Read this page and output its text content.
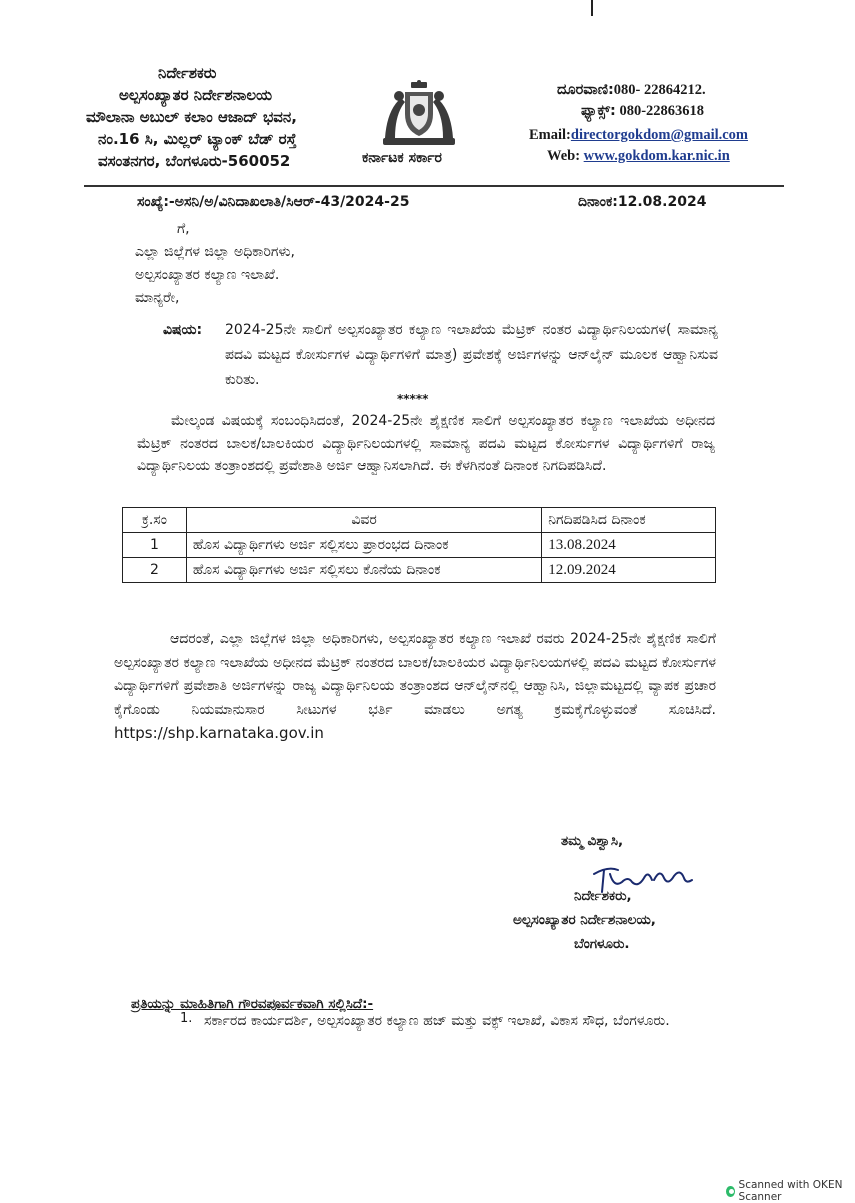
ನಿರ್ದೇಶಕರು
ಅಲ್ಪಸಂಖ್ಯಾತರ ನಿರ್ದೇಶನಾಲಯ
ಮೌಲಾನಾ ಅಬುಲ್ ಕಲಾಂ ಆಜಾದ್ ಭವನ,
ನಂ.16 ಸಿ, ಮಿಲ್ಲರ್ ಟ್ಯಾಂಕ್ ಬೆಡ್ ರಸ್ತೆ
ವಸಂತನಗರ, ಬೆಂಗಳೂರು-560052	ಕರ್ನಾಟಕ ಸರ್ಕಾರ
ದೂರವಾಣಿ:080- 22864212.
ಫ್ಯಾಕ್ಸ್: 080-22863618
Email:directorgokdom@gmail.com
Web: www.gokdom.kar.nic.in
ಸಂಖ್ಯೆ:-ಅಸನಿ/ಅ/ವಿನಿದಾಖಲಾತಿ/ಸಿಆರ್-43/2024-25	ದಿನಾಂಕ:12.08.2024
ಗೆ,
ಎಲ್ಲಾ ಜಿಲ್ಲೆಗಳ ಜಿಲ್ಲಾ ಅಧಿಕಾರಿಗಳು,
ಅಲ್ಪಸಂಖ್ಯಾತರ ಕಲ್ಯಾಣ ಇಲಾಖೆ.
ಮಾನ್ಯರೇ,
ವಿಷಯ:	2024-25ನೇ ಸಾಲಿಗೆ ಅಲ್ಪಸಂಖ್ಯಾತರ ಕಲ್ಯಾಣ ಇಲಾಖೆಯ ಮೆಟ್ರಿಕ್ ನಂತರ ವಿದ್ಯಾರ್ಥಿನಿಲಯಗಳ( ಸಾಮಾನ್ಯ ಪದವಿ ಮಟ್ಟದ ಕೋರ್ಸುಗಳ ವಿದ್ಯಾರ್ಥಿಗಳಿಗೆ ಮಾತ್ರ) ಪ್ರವೇಶಕ್ಕೆ ಅರ್ಜಿಗಳನ್ನು ಆನ್‌ಲೈನ್ ಮೂಲಕ ಆಹ್ವಾನಿಸುವ ಕುರಿತು.
*****
ಮೇಲ್ಕಂಡ ವಿಷಯಕ್ಕೆ ಸಂಬಂಧಿಸಿದಂತೆ, 2024-25ನೇ ಶೈಕ್ಷಣಿಕ ಸಾಲಿಗೆ ಅಲ್ಪಸಂಖ್ಯಾತರ ಕಲ್ಯಾಣ ಇಲಾಖೆಯ ಅಧೀನದ ಮೆಟ್ರಿಕ್ ನಂತರದ ಬಾಲಕ/ಬಾಲಕಿಯರ ವಿದ್ಯಾರ್ಥಿನಿಲಯಗಳಲ್ಲಿ ಸಾಮಾನ್ಯ ಪದವಿ ಮಟ್ಟದ ಕೋರ್ಸುಗಳ ವಿದ್ಯಾರ್ಥಿಗಳಿಗೆ ರಾಜ್ಯ ವಿದ್ಯಾರ್ಥಿನಿಲಯ ತಂತ್ರಾಂಶದಲ್ಲಿ ಪ್ರವೇಶಾತಿ ಅರ್ಜಿ ಆಹ್ವಾನಿಸಲಾಗಿದೆ. ಈ ಕೆಳಗಿನಂತೆ ದಿನಾಂಕ ನಿಗದಿಪಡಿಸಿದೆ.
ಕ್ರ.ಸಂ	ವಿವರ	ನಿಗದಿಪಡಿಸಿದ ದಿನಾಂಕ
1	ಹೊಸ ವಿದ್ಯಾರ್ಥಿಗಳು ಅರ್ಜಿ ಸಲ್ಲಿಸಲು ಪ್ರಾರಂಭದ ದಿನಾಂಕ	13.08.2024
2	ಹೊಸ ವಿದ್ಯಾರ್ಥಿಗಳು ಅರ್ಜಿ ಸಲ್ಲಿಸಲು ಕೊನೆಯ ದಿನಾಂಕ	12.09.2024
ಆದರಂತೆ, ಎಲ್ಲಾ ಜಿಲ್ಲೆಗಳ ಜಿಲ್ಲಾ ಅಧಿಕಾರಿಗಳು, ಅಲ್ಪಸಂಖ್ಯಾತರ ಕಲ್ಯಾಣ ಇಲಾಖೆ ರವರು 2024-25ನೇ ಶೈಕ್ಷಣಿಕ ಸಾಲಿಗೆ ಅಲ್ಪಸಂಖ್ಯಾತರ ಕಲ್ಯಾಣ ಇಲಾಖೆಯ ಅಧೀನದ ಮೆಟ್ರಿಕ್ ನಂತರದ ಬಾಲಕ/ಬಾಲಕಿಯರ ವಿದ್ಯಾರ್ಥಿನಿಲಯಗಳಲ್ಲಿ ಪದವಿ ಮಟ್ಟದ ಕೋರ್ಸುಗಳ ವಿದ್ಯಾರ್ಥಿಗಳಿಗೆ ಪ್ರವೇಶಾತಿ ಅರ್ಜಿಗಳನ್ನು ರಾಜ್ಯ ವಿದ್ಯಾರ್ಥಿನಿಲಯ ತಂತ್ರಾಂಶದ ಆನ್‌ಲೈನ್‌ನಲ್ಲಿ ಆಹ್ವಾನಿಸಿ, ಜಿಲ್ಲಾಮಟ್ಟದಲ್ಲಿ ವ್ಯಾಪಕ ಪ್ರಚಾರ ಕೈಗೊಂಡು ನಿಯಮಾನುಸಾರ ಸೀಟುಗಳ ಭರ್ತಿ ಮಾಡಲು ಅಗತ್ಯ ಕ್ರಮಕೈಗೊಳ್ಳುವಂತೆ ಸೂಚಿಸಿದೆ. https://shp.karnataka.gov.in
ತಮ್ಮ ವಿಶ್ವಾಸಿ,
ನಿರ್ದೇಶಕರು,
ಅಲ್ಪಸಂಖ್ಯಾತರ ನಿರ್ದೇಶನಾಲಯ,
ಬೆಂಗಳೂರು.
ಪ್ರತಿಯನ್ನು ಮಾಹಿತಿಗಾಗಿ ಗೌರವಪೂರ್ವಕವಾಗಿ ಸಲ್ಲಿಸಿದೆ:-
1. ಸರ್ಕಾರದ ಕಾರ್ಯದರ್ಶಿ, ಅಲ್ಪಸಂಖ್ಯಾತರ ಕಲ್ಯಾಣ ಹಜ್ ಮತ್ತು ವಕ್ಫ್ ಇಲಾಖೆ, ವಿಕಾಸ ಸೌಧ, ಬೆಂಗಳೂರು.
Scanned with OKEN Scanner
